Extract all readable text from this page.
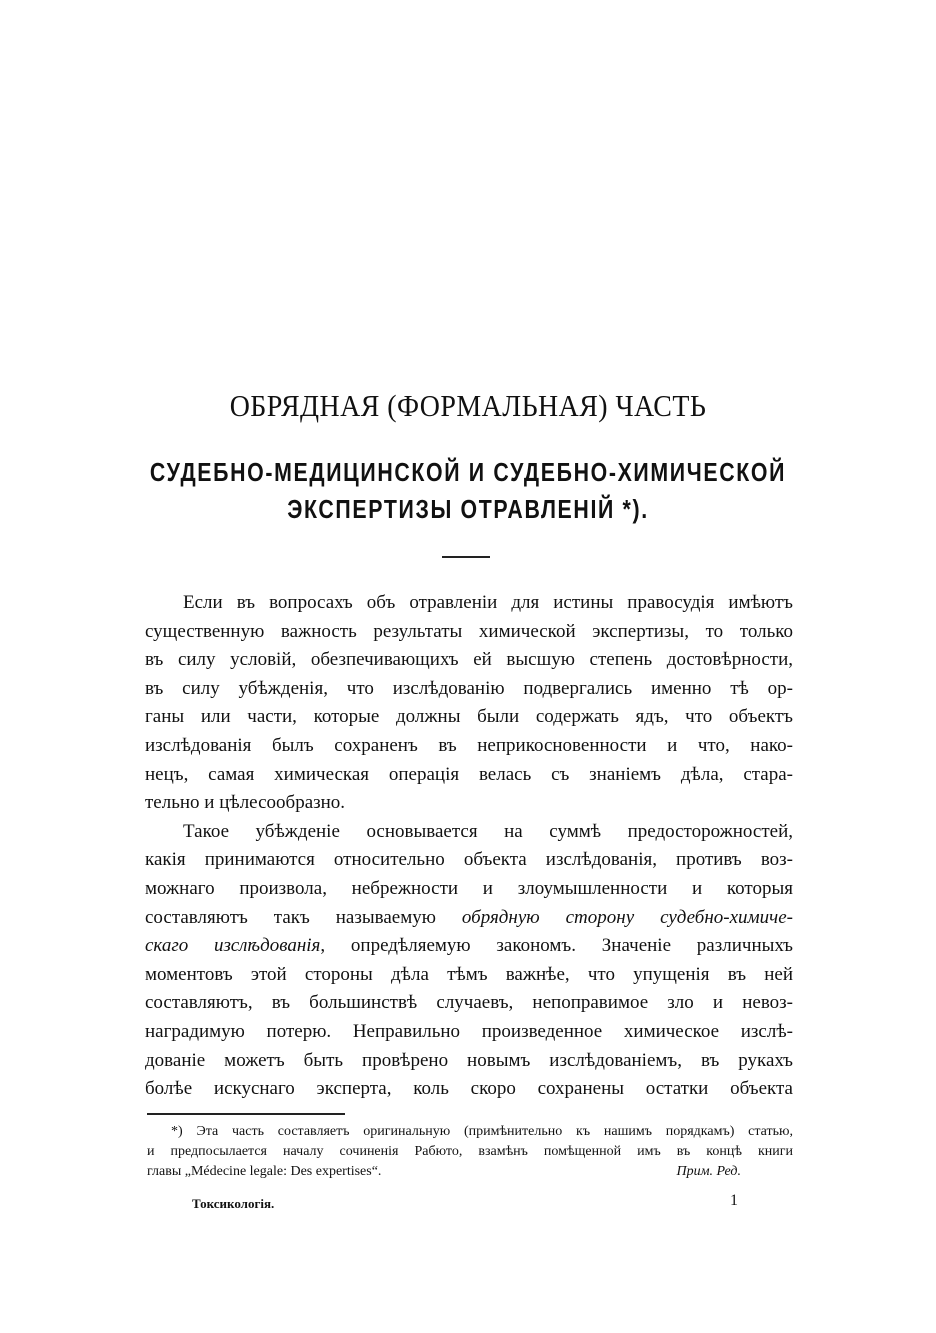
ОБРЯДНАЯ (ФОРМАЛЬНАЯ) ЧАСТЬ
СУДЕБНО-МЕДИЦИНСКОЙ И СУДЕБНО-ХИМИЧЕСКОЙ
ЭКСПЕРТИЗЫ ОТРАВЛЕНІЙ *).
Если въ вопросахъ объ отравленіи для истины правосудія имѣютъ
существенную важность результаты химической экспертизы, то только
въ силу условій, обезпечивающихъ ей высшую степень достовѣрности,
въ силу убѣжденія, что изслѣдованію подвергались именно тѣ ор-
ганы или части, которые должны были содержать ядъ, что объектъ
изслѣдованія былъ сохраненъ въ неприкосновенности и что, нако-
нецъ, самая химическая операція велась съ знаніемъ дѣла, стара-
тельно и цѣлесообразно.
Такое убѣжденіе основывается на суммѣ предосторожностей,
какія принимаются относительно объекта изслѣдованія, противъ воз-
можнаго произвола, небрежности и злоумышленности и которыя
составляютъ такъ называемую обрядную сторону судебно-химиче-
скаго изслѣдованія, опредѣляемую закономъ. Значеніе различныхъ
моментовъ этой стороны дѣла тѣмъ важнѣе, что упущенія въ ней
составляютъ, въ большинствѣ случаевъ, непоправимое зло и невоз-
наградимую потерю. Неправильно произведенное химическое изслѣ-
дованіе можетъ быть провѣрено новымъ изслѣдованіемъ, въ рукахъ
болѣе искуснаго эксперта, коль скоро сохранены остатки объекта
*) Эта часть составляетъ оригинальную (примѣнительно къ нашимъ порядкамъ) статью,
и предпосылается началу сочиненія Рабюто, взамѣнъ помѣщенной имъ въ концѣ книги
главы „Médecine legale: Des expertises“.	Прим. Ред.
Токсикологія.	1
